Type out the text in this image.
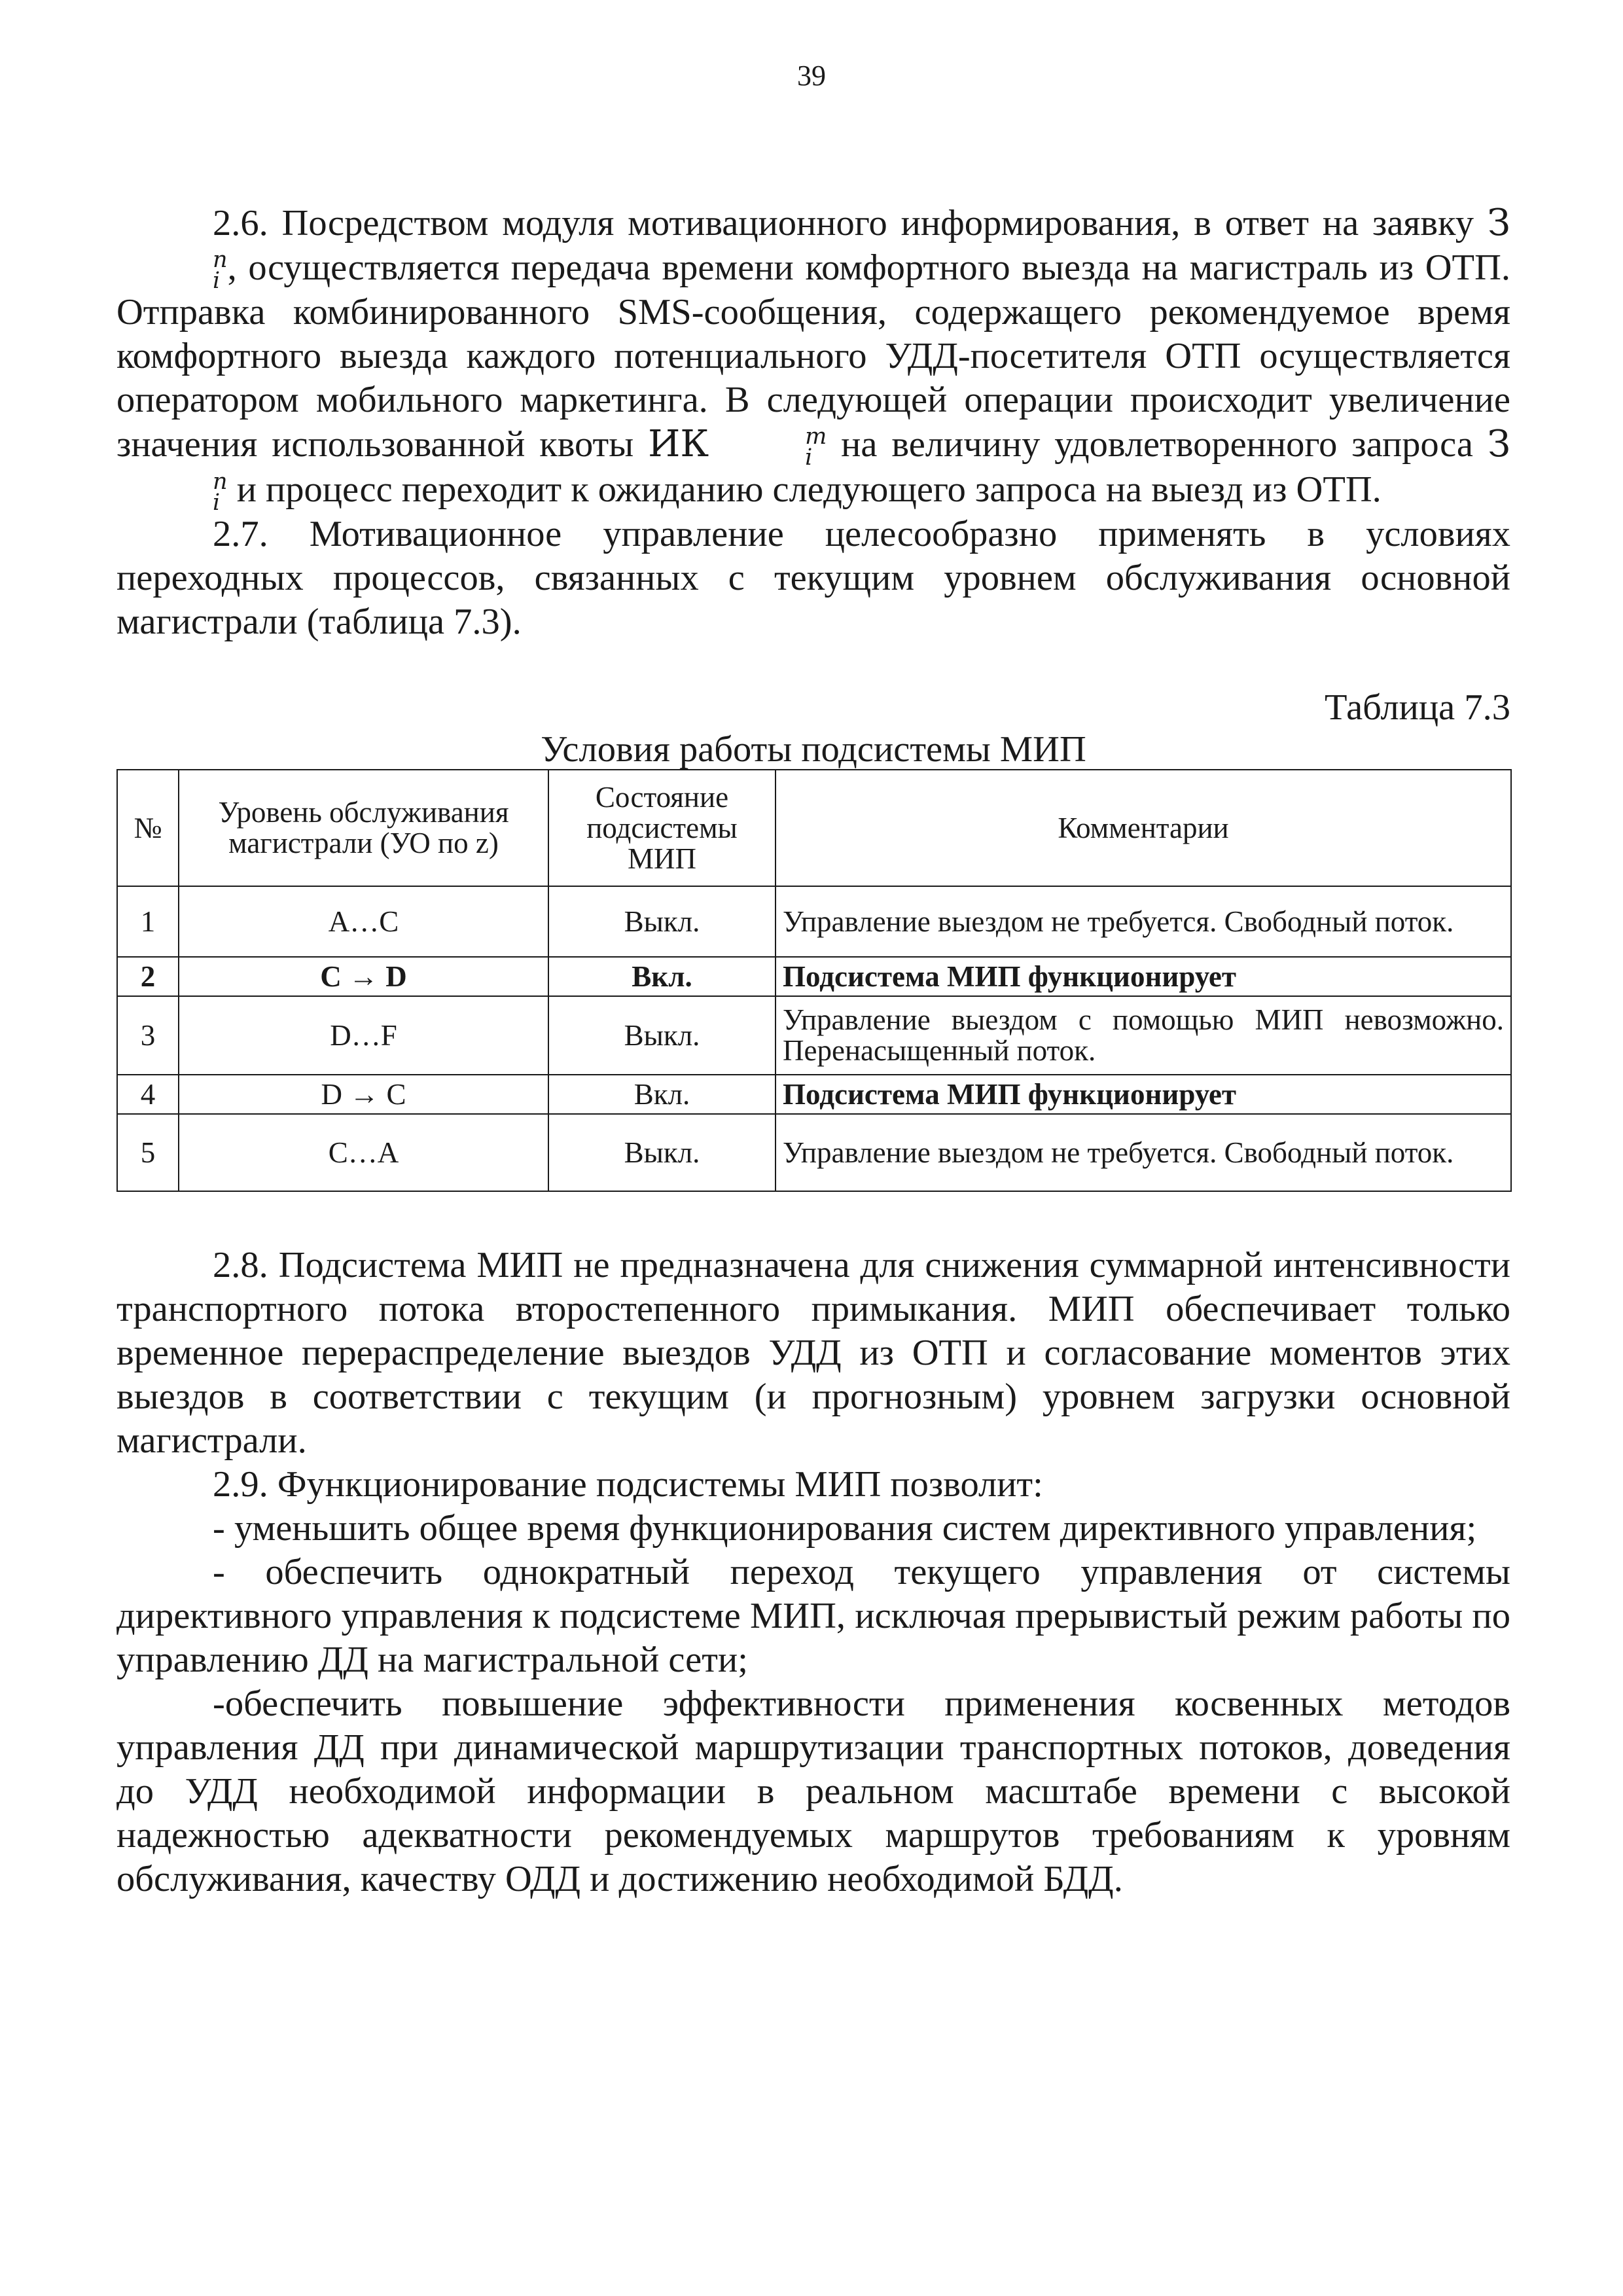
39

2.6. Посредством модуля мотивационного информирования, в ответ на заявку З
n
i , осуществляется передача времени комфортного выезда на магистраль из ОТП. Отправка комбинированного SMS-сообщения, содержащего рекомендуемое время комфортного выезда каждого потенциального УДД-посетителя ОТП осуществляется оператором мобильного маркетинга. В следующей операции происходит увеличение значения использованной квоты ИК	m
i на величину удовлетворенного запроса З
n
i и процесс переходит к ожиданию следующего запроса на выезд из ОТП.

2.7. Мотивационное управление целесообразно применять в условиях переходных процессов, связанных с текущим уровнем обслуживания основной магистрали (таблица 7.3).

Таблица 7.3
Условия работы подсистемы МИП
№	Уровень обслуживания магистрали (УО по z)	Состояние подсистемы МИП	Комментарии
1	А…С	Выкл.	Управление выездом не требуется. Свободный поток.
2	С → D	Вкл.	Подсистема МИП функционирует
3	D…F	Выкл.	Управление выездом с помощью МИП невозможно. Перенасыщенный поток.
4	D → С	Вкл.	Подсистема МИП функционирует
5	С…А	Выкл.	Управление выездом не требуется. Свободный поток.

2.8. Подсистема МИП не предназначена для снижения суммарной интенсивности транспортного потока второстепенного примыкания. МИП обеспечивает только временное перераспределение выездов УДД из ОТП и согласование моментов этих выездов в соответствии с текущим (и прогнозным) уровнем загрузки основной магистрали.

2.9. Функционирование подсистемы МИП позволит:

- уменьшить общее время функционирования систем директивного управления;

- обеспечить однократный переход текущего управления от системы директивного управления к подсистеме МИП, исключая прерывистый режим работы по управлению ДД на магистральной сети;

-обеспечить повышение эффективности применения косвенных методов управления ДД при динамической маршрутизации транспортных потоков, доведения до УДД необходимой информации в реальном масштабе времени с высокой надежностью адекватности рекомендуемых маршрутов требованиям к уровням обслуживания, качеству ОДД и достижению необходимой БДД.
